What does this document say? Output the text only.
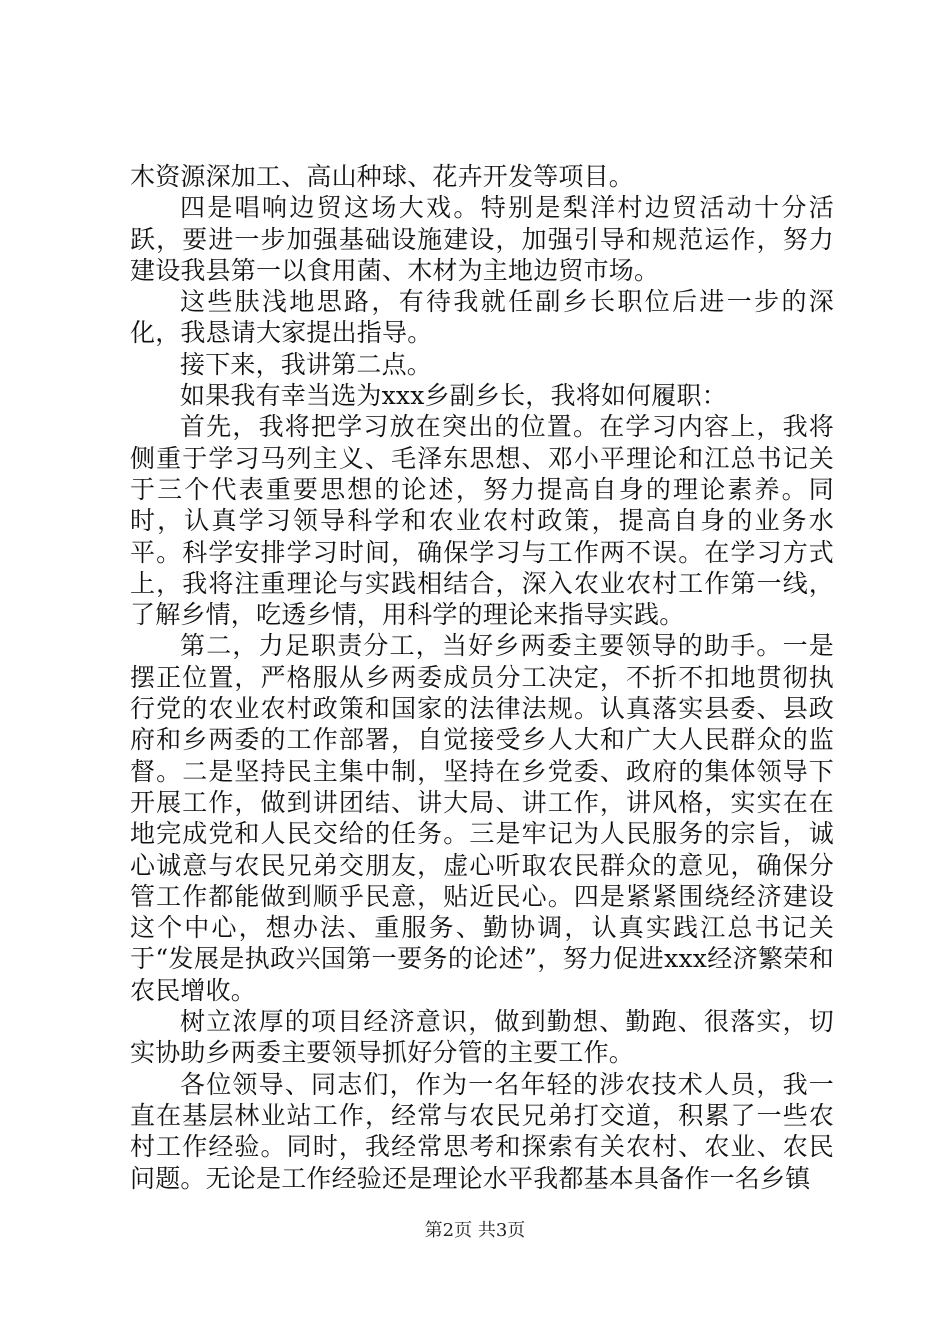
木资源深加工、高山种球、花卉开发等项目。

四是唱响边贸这场大戏。特别是梨洋村边贸活动十分活跃，要进一步加强基础设施建设，加强引导和规范运作，努力建设我县第一以食用菌、木材为主地边贸市场。

这些肤浅地思路，有待我就任副乡长职位后进一步的深化，我恳请大家提出指导。

接下来，我讲第二点。

如果我有幸当选为xxx乡副乡长，我将如何履职：

首先，我将把学习放在突出的位置。在学习内容上，我将侧重于学习马列主义、毛泽东思想、邓小平理论和江总书记关于三个代表重要思想的论述，努力提高自身的理论素养。同时，认真学习领导科学和农业农村政策，提高自身的业务水平。科学安排学习时间，确保学习与工作两不误。在学习方式上，我将注重理论与实践相结合，深入农业农村工作第一线，了解乡情，吃透乡情，用科学的理论来指导实践。

第二，力足职责分工，当好乡两委主要领导的助手。一是摆正位置，严格服从乡两委成员分工决定，不折不扣地贯彻执行党的农业农村政策和国家的法律法规。认真落实县委、县政府和乡两委的工作部署，自觉接受乡人大和广大人民群众的监督。二是坚持民主集中制，坚持在乡党委、政府的集体领导下开展工作，做到讲团结、讲大局、讲工作，讲风格，实实在在地完成党和人民交给的任务。三是牢记为人民服务的宗旨，诚心诚意与农民兄弟交朋友，虚心听取农民群众的意见，确保分管工作都能做到顺乎民意，贴近民心。四是紧紧围绕经济建设这个中心，想办法、重服务、勤协调，认真实践江总书记关于“发展是执政兴国第一要务的论述”，努力促进xxx经济繁荣和农民增收。

树立浓厚的项目经济意识，做到勤想、勤跑、很落实，切实协助乡两委主要领导抓好分管的主要工作。

各位领导、同志们，作为一名年轻的涉农技术人员，我一直在基层林业站工作，经常与农民兄弟打交道，积累了一些农村工作经验。同时，我经常思考和探索有关农村、农业、农民问题。无论是工作经验还是理论水平我都基本具备作一名乡镇

第2页 共3页
